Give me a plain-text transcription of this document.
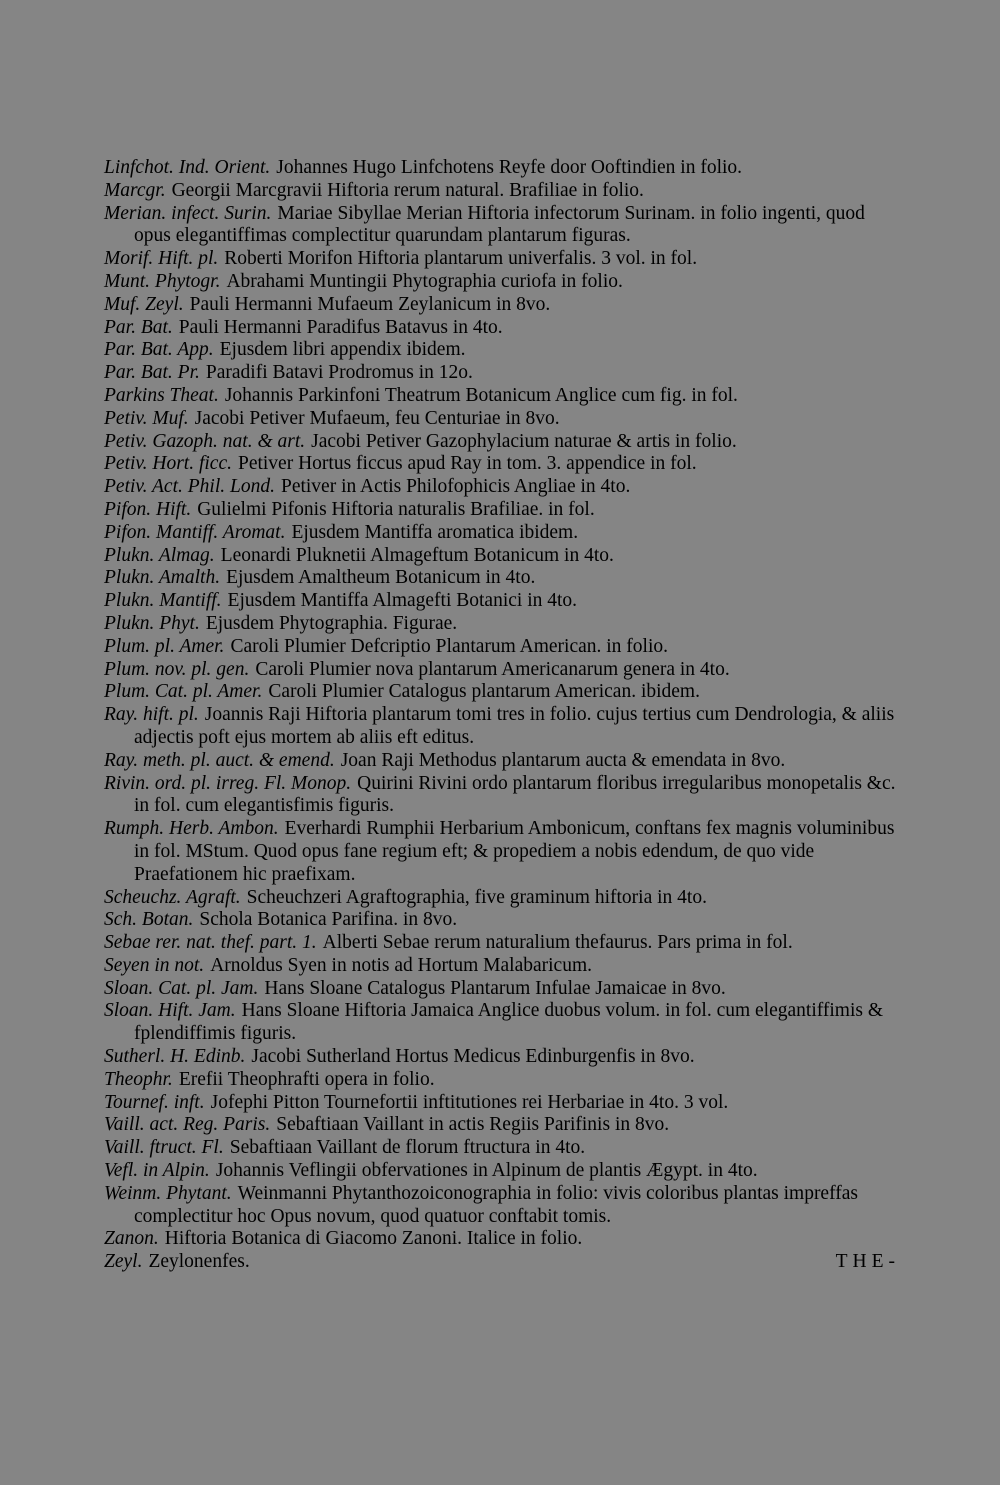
Linfchot. Ind. Orient. Johannes Hugo Linfchotens Reyfe door Ooftindien in folio.

Marcgr. Georgii Marcgravii Hiftoria rerum natural. Brafiliae in folio.

Merian. infect. Surin. Mariae Sibyllae Merian Hiftoria infectorum Surinam. in folio ingenti, quod opus elegantiffimas complectitur quarundam plantarum figuras.

Morif. Hift. pl. Roberti Morifon Hiftoria plantarum univerfalis. 3 vol. in fol.

Munt. Phytogr. Abrahami Muntingii Phytographia curiofa in folio.

Muf. Zeyl. Pauli Hermanni Mufaeum Zeylanicum in 8vo.

Par. Bat. Pauli Hermanni Paradifus Batavus in 4to.

Par. Bat. App. Ejusdem libri appendix ibidem.

Par. Bat. Pr. Paradifi Batavi Prodromus in 12o.

Parkins Theat. Johannis Parkinfoni Theatrum Botanicum Anglice cum fig. in fol.

Petiv. Muf. Jacobi Petiver Mufaeum, feu Centuriae in 8vo.

Petiv. Gazoph. nat. & art. Jacobi Petiver Gazophylacium naturae & artis in folio.

Petiv. Hort. ficc. Petiver Hortus ficcus apud Ray in tom. 3. appendice in fol.

Petiv. Act. Phil. Lond. Petiver in Actis Philofophicis Angliae in 4to.

Pifon. Hift. Gulielmi Pifonis Hiftoria naturalis Brafiliae. in fol.

Pifon. Mantiff. Aromat. Ejusdem Mantiffa aromatica ibidem.

Plukn. Almag. Leonardi Pluknetii Almageftum Botanicum in 4to.

Plukn. Amalth. Ejusdem Amaltheum Botanicum in 4to.

Plukn. Mantiff. Ejusdem Mantiffa Almagefti Botanici in 4to.

Plukn. Phyt. Ejusdem Phytographia. Figurae.

Plum. pl. Amer. Caroli Plumier Defcriptio Plantarum American. in folio.

Plum. nov. pl. gen. Caroli Plumier nova plantarum Americanarum genera in 4to.

Plum. Cat. pl. Amer. Caroli Plumier Catalogus plantarum American. ibidem.

Ray. hift. pl. Joannis Raji Hiftoria plantarum tomi tres in folio. cujus tertius cum Dendrologia, & aliis adjectis poft ejus mortem ab aliis eft editus.

Ray. meth. pl. auct. & emend. Joan Raji Methodus plantarum aucta & emendata in 8vo.

Rivin. ord. pl. irreg. Fl. Monop. Quirini Rivini ordo plantarum floribus irregularibus monopetalis &c. in fol. cum elegantisfimis figuris.

Rumph. Herb. Ambon. Everhardi Rumphii Herbarium Ambonicum, conftans fex magnis voluminibus in fol. MStum. Quod opus fane regium eft; & propediem a nobis edendum, de quo vide Praefationem hic praefixam.

Scheuchz. Agraft. Scheuchzeri Agraftographia, five graminum hiftoria in 4to.

Sch. Botan. Schola Botanica Parifina. in 8vo.

Sebae rer. nat. thef. part. 1. Alberti Sebae rerum naturalium thefaurus. Pars prima in fol.

Seyen in not. Arnoldus Syen in notis ad Hortum Malabaricum.

Sloan. Cat. pl. Jam. Hans Sloane Catalogus Plantarum Infulae Jamaicae in 8vo.

Sloan. Hift. Jam. Hans Sloane Hiftoria Jamaica Anglice duobus volum. in fol. cum elegantiffimis & fplendiffimis figuris.

Sutherl. H. Edinb. Jacobi Sutherland Hortus Medicus Edinburgenfis in 8vo.

Theophr. Erefii Theophrafti opera in folio.

Tournef. inft. Jofephi Pitton Tournefortii inftitutiones rei Herbariae in 4to. 3 vol.

Vaill. act. Reg. Paris. Sebaftiaan Vaillant in actis Regiis Parifinis in 8vo.

Vaill. ftruct. Fl. Sebaftiaan Vaillant de florum ftructura in 4to.

Vefl. in Alpin. Johannis Veflingii obfervationes in Alpinum de plantis Ægypt. in 4to.

Weinm. Phytant. Weinmanni Phytanthozoiconographia in folio: vivis coloribus plantas impreffas complectitur hoc Opus novum, quod quatuor conftabit tomis.

Zanon. Hiftoria Botanica di Giacomo Zanoni. Italice in folio.

Zeyl. Zeylonenfes.	THE-
